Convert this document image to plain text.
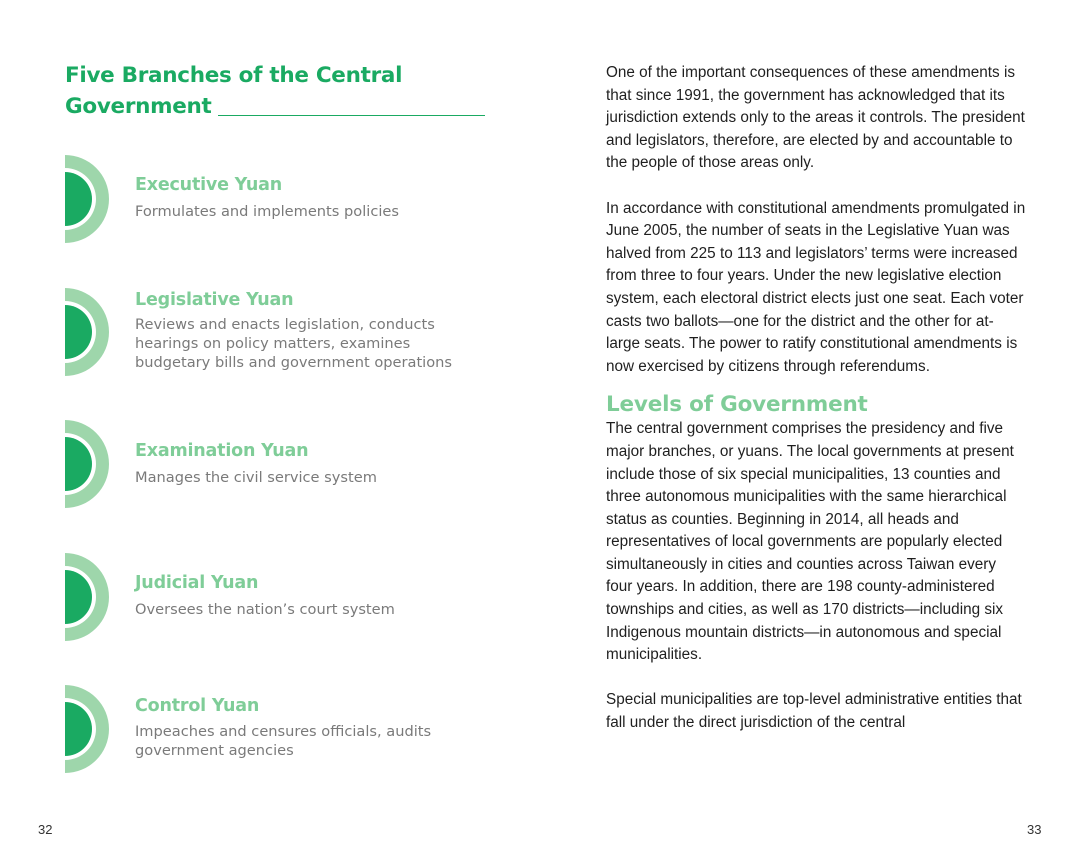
Five Branches of the Central

Government
Executive Yuan

Formulates and implements policies

Legislative Yuan

Reviews and enacts legislation, conducts hearings on policy matters, examines budgetary bills and government operations

Examination Yuan

Manages the civil service system

Judicial Yuan

Oversees the nation’s court system

Control Yuan

Impeaches and censures officials, audits government agencies

One of the important consequences of these amendments is that since 1991, the government has acknowledged that its jurisdiction extends only to the areas it controls. The president and legislators, therefore, are elected by and accountable to the people of those areas only.

In accordance with constitutional amendments promulgated in June 2005, the number of seats in the Legislative Yuan was halved from 225 to 113 and legislators’ terms were increased from three to four years. Under the new legislative election system, each electoral district elects just one seat. Each voter casts two ballots—one for the district and the other for at-large seats. The power to ratify constitutional amendments is now exercised by citizens through referendums.

Levels of Government

The central government comprises the presidency and five major branches, or yuans. The local governments at present include those of six special municipalities, 13 counties and three autonomous municipalities with the same hierarchical status as counties. Beginning in 2014, all heads and representatives of local governments are popularly elected simultaneously in cities and counties across Taiwan every four years. In addition, there are 198 county-administered townships and cities, as well as 170 districts—including six Indigenous mountain districts—in autonomous and special municipalities.

Special municipalities are top-level administrative entities that fall under the direct jurisdiction of the central

32	33
